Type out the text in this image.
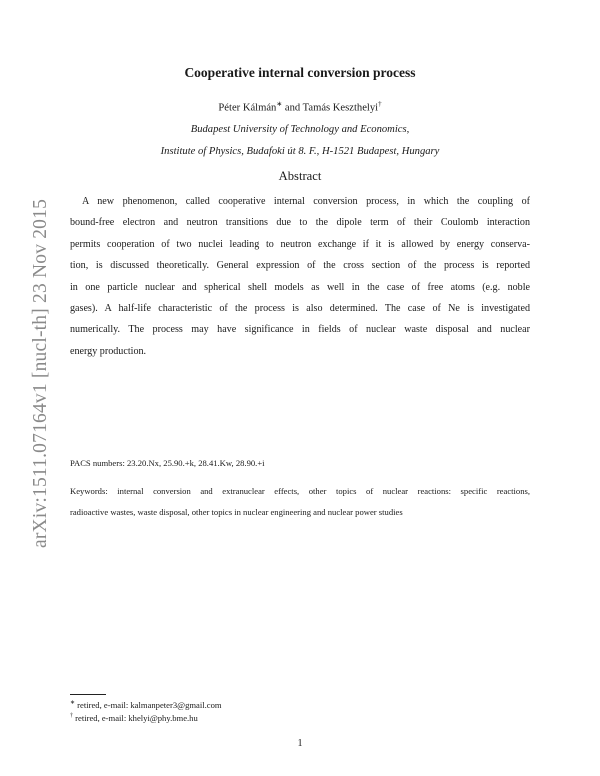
arXiv:1511.07164v1 [nucl-th] 23 Nov 2015
Cooperative internal conversion process
Péter Kálmán∗ and Tamás Keszthelyi†
Budapest University of Technology and Economics,
Institute of Physics, Budafoki út 8. F., H-1521 Budapest, Hungary
Abstract
A new phenomenon, called cooperative internal conversion process, in which the coupling of
bound-free electron and neutron transitions due to the dipole term of their Coulomb interaction
permits cooperation of two nuclei leading to neutron exchange if it is allowed by energy conserva-
tion, is discussed theoretically. General expression of the cross section of the process is reported
in one particle nuclear and spherical shell models as well in the case of free atoms (e.g. noble
gases). A half-life characteristic of the process is also determined. The case of Ne is investigated
numerically. The process may have significance in fields of nuclear waste disposal and nuclear
energy production.
PACS numbers: 23.20.Nx, 25.90.+k, 28.41.Kw, 28.90.+i
Keywords: internal conversion and extranuclear effects, other topics of nuclear reactions: specific reactions,
radioactive wastes, waste disposal, other topics in nuclear engineering and nuclear power studies
∗ retired, e-mail: kalmanpeter3@gmail.com
† retired, e-mail: khelyi@phy.bme.hu
1
